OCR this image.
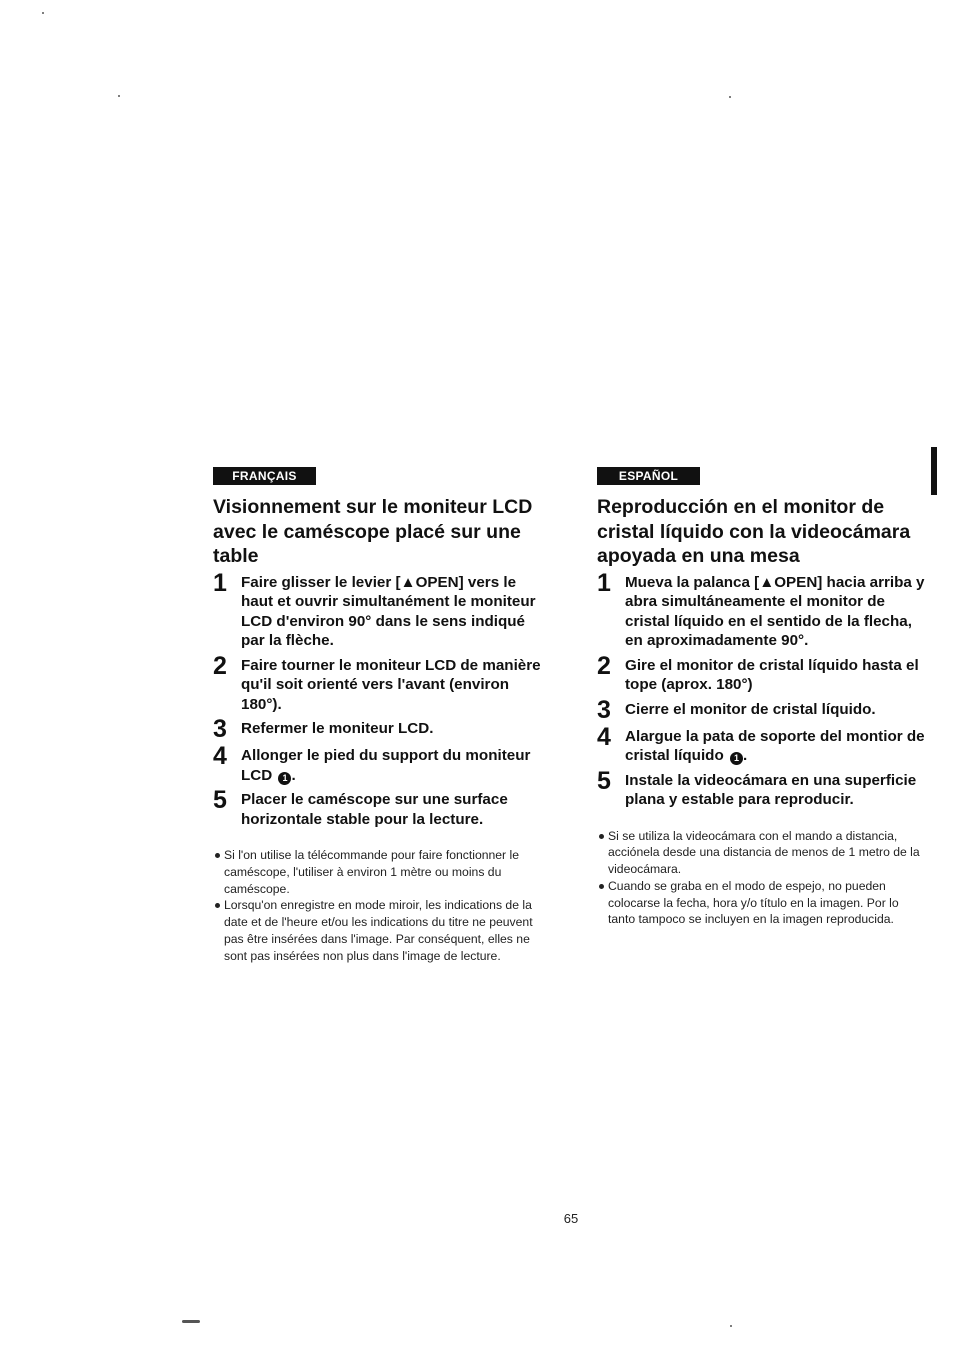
FRANÇAIS
Visionnement sur le moniteur LCD avec le caméscope placé sur une table
1 Faire glisser le levier [▲OPEN] vers le haut et ouvrir simultanément le moniteur LCD d'environ 90° dans le sens indiqué par la flèche.
2 Faire tourner le moniteur LCD de manière qu'il soit orienté vers l'avant (environ 180°).
3 Refermer le moniteur LCD.
4 Allonger le pied du support du moniteur LCD 1 .
5 Placer le caméscope sur une surface horizontale stable pour la lecture.
Si l'on utilise la télécommande pour faire fonctionner le caméscope, l'utiliser à environ 1 mètre ou moins du caméscope.
Lorsqu'on enregistre en mode miroir, les indications de la date et de l'heure et/ou les indications du titre ne peuvent pas être insérées dans l'image. Par conséquent, elles ne sont pas insérées non plus dans l'image de lecture.
ESPAÑOL
Reproducción en el monitor de cristal líquido con la videocámara apoyada en una mesa
1 Mueva la palanca [▲OPEN] hacia arriba y abra simultáneamente el monitor de cristal líquido en el sentido de la flecha, en aproximadamente 90°.
2 Gire el monitor de cristal líquido hasta el tope (aprox. 180°)
3 Cierre el monitor de cristal líquido.
4 Alargue la pata de soporte del montior de cristal líquido 1 .
5 Instale la videocámara en una superficie plana y estable para reproducir.
Si se utiliza la videocámara con el mando a distancia, acciónela desde una distancia de menos de 1 metro de la videocámara.
Cuando se graba en el modo de espejo, no pueden colocarse la fecha, hora y/o título en la imagen. Por lo tanto tampoco se incluyen en la imagen reproducida.
65
